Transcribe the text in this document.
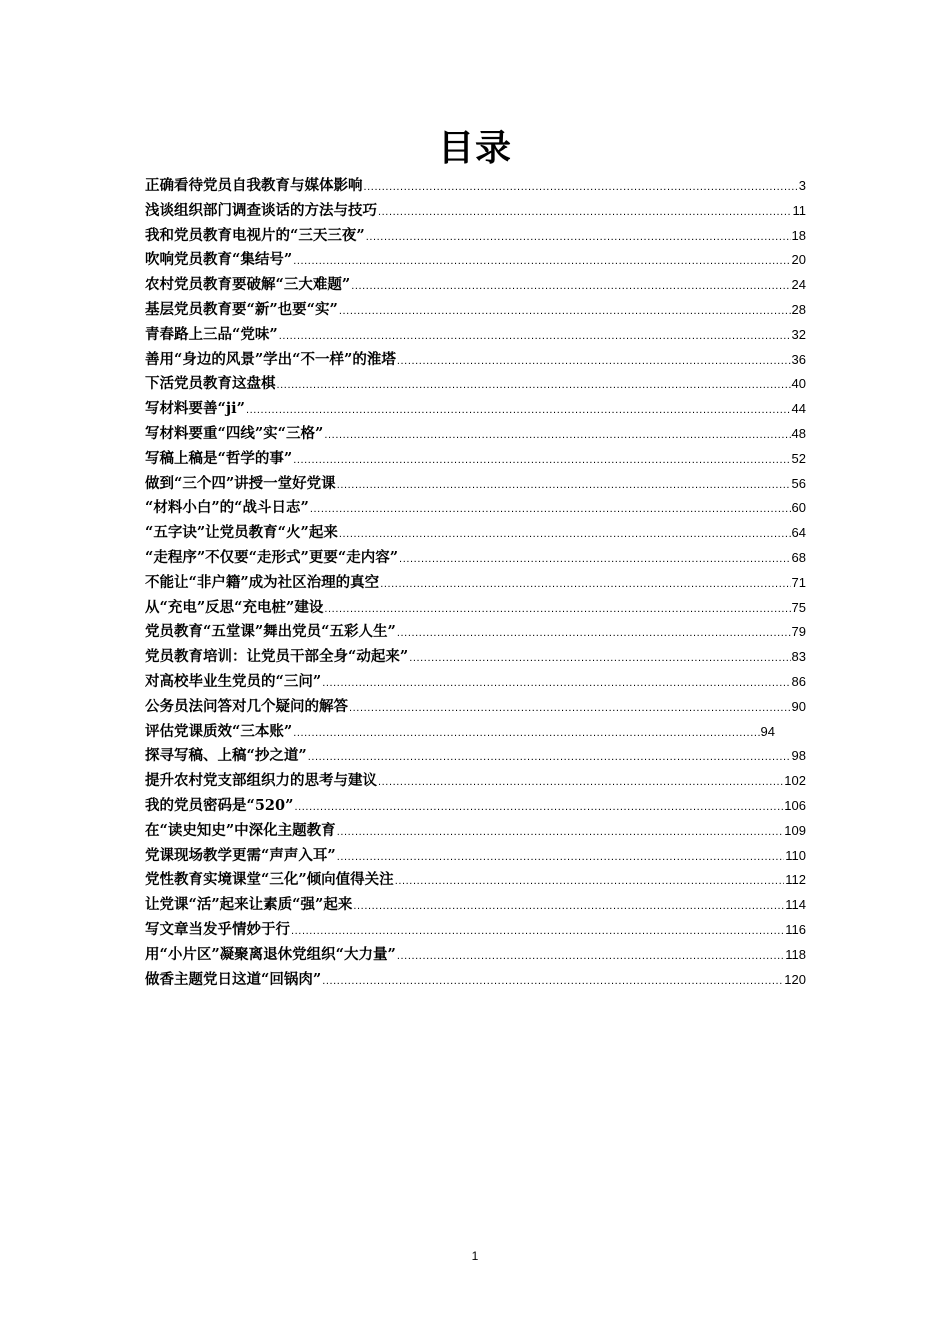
目录
正确看待党员自我教育与媒体影响 .....	3
浅谈组织部门调查谈话的方法与技巧 .....	11
我和党员教育电视片的“三天三夜” .....	18
吹响党员教育“集结号” .....	20
农村党员教育要破解“三大难题” .....	24
基层党员教育要“新”也要“实” .....	28
青春路上三品“党味” .....	32
善用“身边的风景”学出“不一样”的淮塔 .....	36
下活党员教育这盘棋 .....	40
写材料要善“ji” .....	44
写材料要重“四线”实“三格” .....	48
写稿上稿是“哲学的事” .....	52
做到“三个四”讲授一堂好党课 .....	56
“材料小白”的“战斗日志” .....	60
“五字诀”让党员教育“火”起来 .....	64
“走程序”不仅要“走形式”更要“走内容” .....	68
不能让“非户籍”成为社区治理的真空 .....	71
从“充电”反思“充电桩”建设 .....	75
党员教育“五堂课”舞出党员“五彩人生” .....	79
党员教育培训：让党员干部全身“动起来” .....	83
对高校毕业生党员的“三问” .....	86
公务员法问答对几个疑问的解答 .....	90
评估党课质效“三本账” .....	94
探寻写稿、上稿“抄之道” .....	98
提升农村党支部组织力的思考与建议 .....	102
我的党员密码是“520” .....	106
在“读史知史”中深化主题教育 .....	109
党课现场教学更需“声声入耳” .....	110
党性教育实境课堂“三化”倾向值得关注 .....	112
让党课“活”起来让素质“强”起来 .....	114
写文章当发乎情妙于行 .....	116
用“小片区”凝聚离退休党组织“大力量” .....	118
做香主题党日这道“回锅肉” .....	120
1
